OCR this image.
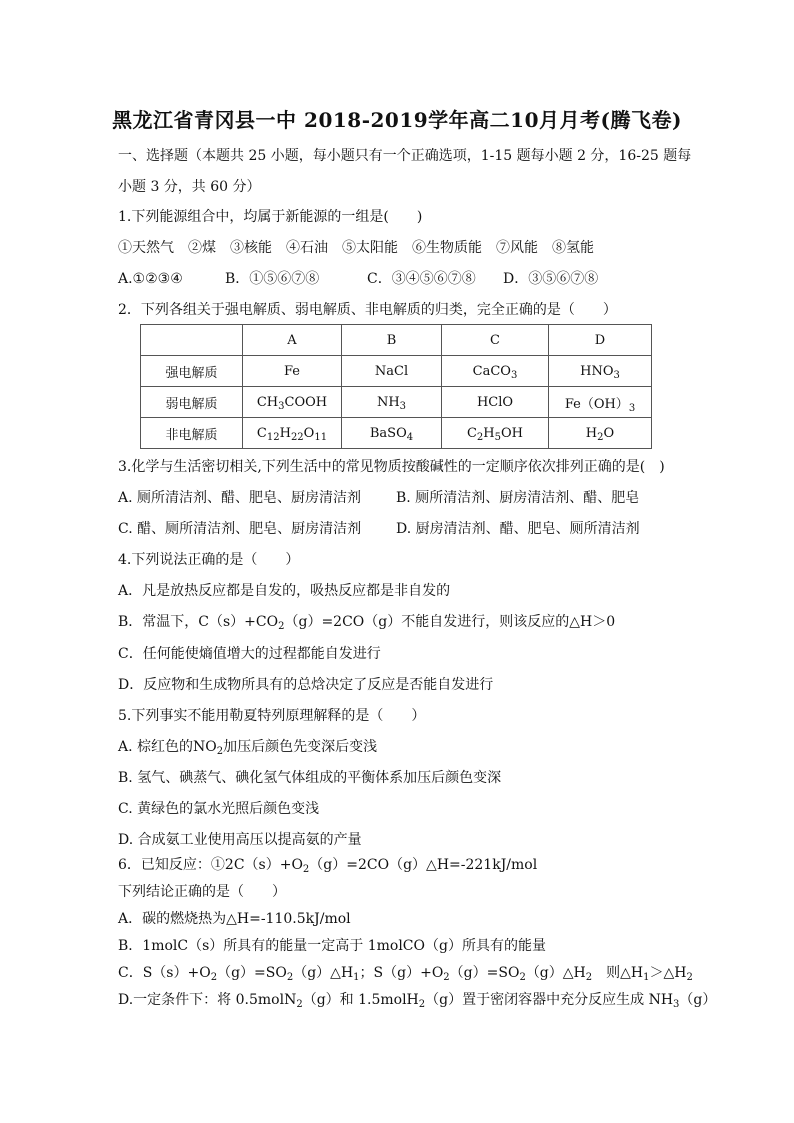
黑龙江省青冈县一中 2018-2019学年高二10月月考(腾飞卷)
一、选择题（本题共 25 小题，每小题只有一个正确选项，1-15 题每小题 2 分，16-25 题每
小题 3 分，共 60 分）
1.下列能源组合中，均属于新能源的一组是(　　)
①天然气　②煤　③核能　④石油　⑤太阳能　⑥生物质能　⑦风能　⑧氢能
A.①②③④	B．①⑤⑥⑦⑧	C．③④⑤⑥⑦⑧ D．③⑤⑥⑦⑧
2．下列各组关于强电解质、弱电解质、非电解质的归类，完全正确的是（　　）
	A	B	C	D
强电解质	Fe	NaCl	CaCO$_3$	$HNO_3$
弱电解质	$CH_3COOH$	$NH_3$	HClO	$Fe(OH)_3$
非电解质	$C_{12}H_{22}O_{11}$	BaSO$_4$	$C_2H_5OH$	$H_2O$
3.化学与生活密切相关,下列生活中的常见物质按酸碱性的一定顺序依次排列正确的是(　)
A. 厕所清洁剂、醋、肥皂、厨房清洁剂 B. 厕所清洁剂、厨房清洁剂、醋、肥皂
C. 醋、厕所清洁剂、肥皂、厨房清洁剂 D. 厨房清洁剂、醋、肥皂、厕所清洁剂
4.下列说法正确的是（　　）
A．凡是放热反应都是自发的，吸热反应都是非自发的
B．常温下，$C(s)+CO_2(g)=2CO(g)$不能自发进行，则该反应的△H＞0
C．任何能使熵值增大的过程都能自发进行
D．反应物和生成物所具有的总焓决定了反应是否能自发进行
5.下列事实不能用勒夏特列原理解释的是（　　）
A. 棕红色的$NO_2$加压后颜色先变深后变浅
B. 氢气、碘蒸气、碘化氢气体组成的平衡体系加压后颜色变深
C. 黄绿色的氯水光照后颜色变浅
D. 合成氨工业使用高压以提高氨的产量
6．已知反应：$①2C(s)+O_2(g)=2CO(g)\triangle H=-221kJ$/mol
下列结论正确的是（　　）
A．碳的燃烧热为△H=-110.5kJ/mol
B．1molC（s）所具有的能量一定高于 1molCO（g）所具有的能量
C．$S(s)+O_2(g)=SO_2(g)\triangle H_1$；$S(g)+O_2(g)=SO_2(g)\triangle H_2$　则$\triangle H_1>\triangle H_2$
D.一定条件下：将 0.5molN$_2$（g）和 1.5molH$_2$（g）置于密闭容器中充分反应生成 $NH_3(g)$
